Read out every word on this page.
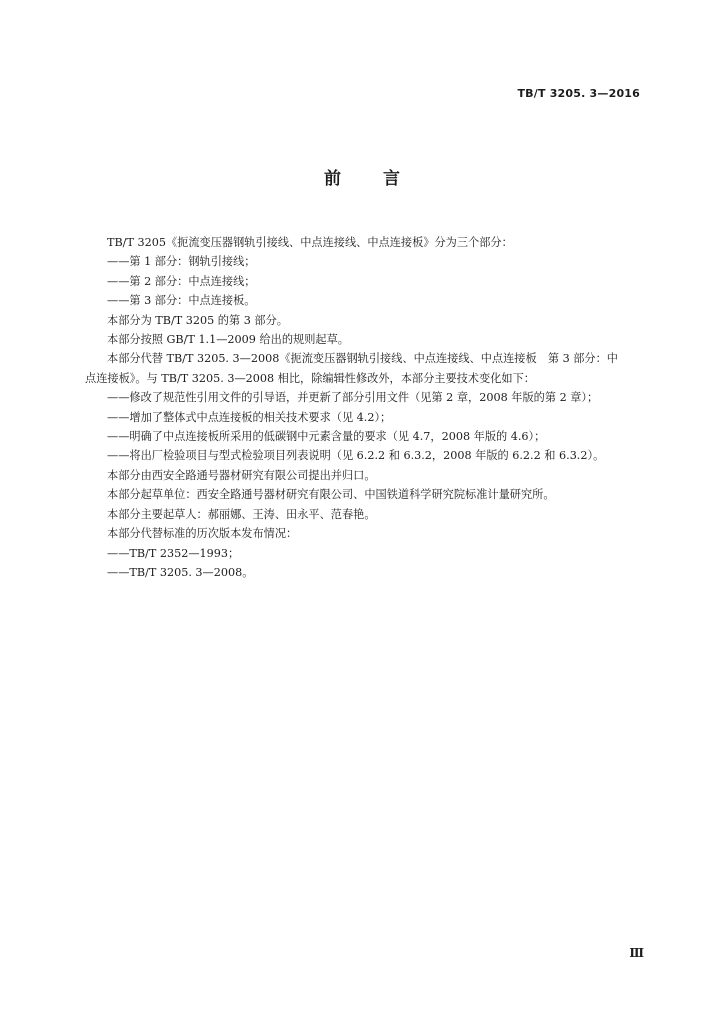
TB/T 3205. 3—2016
前 言

TB/T 3205《扼流变压器钢轨引接线、中点连接线、中点连接板》分为三个部分：

——第 1 部分：钢轨引接线；

——第 2 部分：中点连接线；

——第 3 部分：中点连接板。

本部分为 TB/T 3205 的第 3 部分。

本部分按照 GB/T 1.1—2009 给出的规则起草。

本部分代替 TB/T 3205. 3—2008《扼流变压器钢轨引接线、中点连接线、中点连接板　第 3 部分：中

点连接板》。与 TB/T 3205. 3—2008 相比，除编辑性修改外，本部分主要技术变化如下：

——修改了规范性引用文件的引导语，并更新了部分引用文件（见第 2 章，2008 年版的第 2 章）；

——增加了整体式中点连接板的相关技术要求（见 4.2）；

——明确了中点连接板所采用的低碳钢中元素含量的要求（见 4.7，2008 年版的 4.6）；

——将出厂检验项目与型式检验项目列表说明（见 6.2.2 和 6.3.2，2008 年版的 6.2.2 和 6.3.2）。

本部分由西安全路通号器材研究有限公司提出并归口。

本部分起草单位：西安全路通号器材研究有限公司、中国铁道科学研究院标准计量研究所。

本部分主要起草人：郝丽娜、王涛、田永平、范春艳。

本部分代替标准的历次版本发布情况：

——TB/T 2352—1993；

——TB/T 3205. 3—2008。

Ⅲ
